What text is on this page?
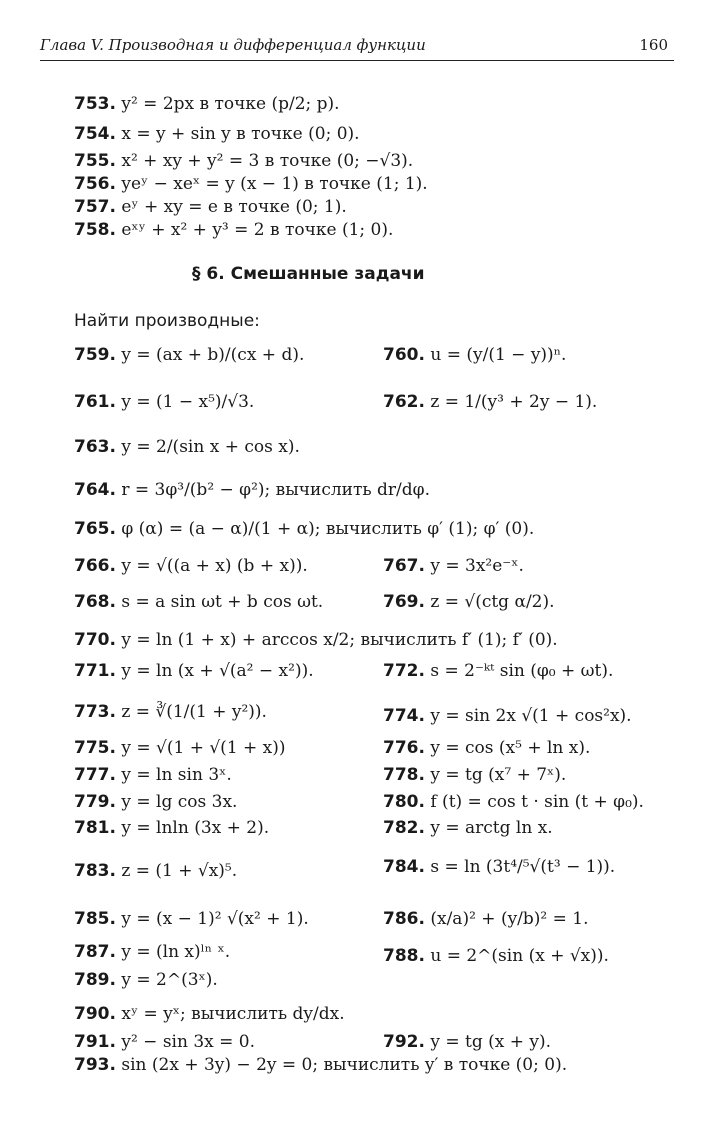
Глава V. Производная и дифференциал функции	160
753. y² = 2px в точке (p/2; p).
754. x = y + sin y в точке (0; 0).
755. x² + xy + y² = 3 в точке (0; −√3).
756. yeʸ − xeˣ = y (x − 1) в точке (1; 1).
757. eʸ + xy = e в точке (0; 1).
758. eˣʸ + x² + y³ = 2 в точке (1; 0).
§ 6. Смешанные задачи
Найти производные:
759. y = (ax + b)/(cx + d).	760. u = (y/(1 − y))ⁿ.
761. y = (1 − x⁵)/√3.	762. z = 1/(y³ + 2y − 1).
763. y = 2/(sin x + cos x).
764. r = 3φ³/(b² − φ²); вычислить dr/dφ.
765. φ (α) = (a − α)/(1 + α); вычислить φ′ (1); φ′ (0).
766. y = √((a + x) (b + x)).	767. y = 3x²e⁻ˣ.
768. s = a sin ωt + b cos ωt.	769. z = √(ctg α/2).
770. y = ln (1 + x) + arccos x/2; вычислить f′ (1); f′ (0).
771. y = ln (x + √(a² − x²)).	772. s = 2⁻ᵏᵗ sin (φ₀ + ωt).
773. z = ∛(1/(1 + y²)).	774. y = sin 2x √(1 + cos²x).
775. y = √(1 + √(1 + x))	776. y = cos (x⁵ + ln x).
777. y = ln sin 3ˣ.	778. y = tg (x⁷ + 7ˣ).
779. y = lg cos 3x.	780. f (t) = cos t · sin (t + φ₀).
781. y = lnln (3x + 2).	782. y = arctg ln x.
783. z = (1 + √x)⁵.	784. s = ln (3t⁴/⁵√(t³ − 1)).
785. y = (x − 1)² √(x² + 1).	786. (x/a)² + (y/b)² = 1.
787. y = (ln x)ˡⁿ ˣ.	788. u = 2^(sin (x + √x)).
789. y = 2^(3ˣ).
790. xʸ = yˣ; вычислить dy/dx.
791. y² − sin 3x = 0.	792. y = tg (x + y).
793. sin (2x + 3y) − 2y = 0; вычислить y′ в точке (0; 0).
